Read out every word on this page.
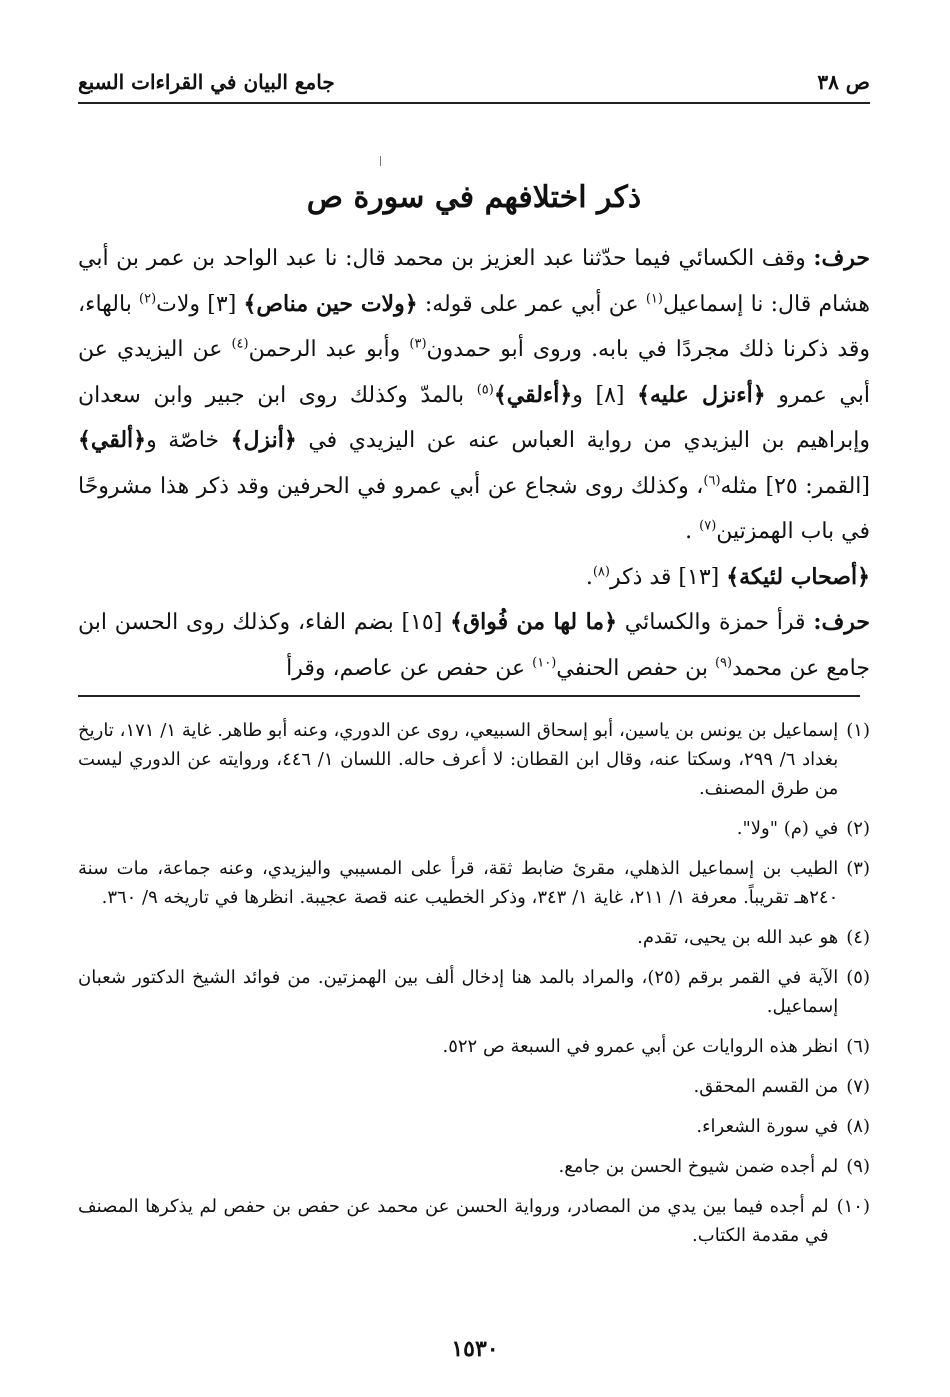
ص ٣٨
جامع البيان في القراءات السبع
ذكر اختلافهم في سورة ص

حرف: وقف الكسائي فيما حدّثنا عبد العزيز بن محمد قال: نا عبد الواحد بن عمر بن أبي هشام قال: نا إسماعيل$^{(١)}$ عن أبي عمر على قوله: ﴿ولات حين مناص﴾ [٣] ولات$^{(٢)}$ بالهاء، وقد ذكرنا ذلك مجردًا في بابه. وروى أبو حمدون$^{(٣)}$ وأبو عبد الرحمن$^{(٤)}$ عن اليزيدي عن أبي عمرو ﴿أءنزل عليه﴾ [٨] و﴿أءلقي﴾$^{(٥)}$ بالمدّ وكذلك روى ابن جبير وابن سعدان وإبراهيم بن اليزيدي من رواية العباس عنه عن اليزيدي في ﴿أنزل﴾ خاصّة و﴿ألقي﴾ [القمر: ٢٥] مثله$^{(٦)}$، وكذلك روى شجاع عن أبي عمرو في الحرفين وقد ذكر هذا مشروحًا في باب الهمزتين$^{(٧)}$ .

﴿أصحاب لئيكة﴾ [١٣] قد ذكر$^{(٨)}$.

حرف: قرأ حمزة والكسائي ﴿ما لها من فُواق﴾ [١٥] بضم الفاء، وكذلك روى الحسن ابن جامع عن محمد$^{(٩)}$ بن حفص الحنفي$^{(١٠)}$ عن حفص عن عاصم، وقرأ

(١)
إسماعيل بن يونس بن ياسين، أبو إسحاق السبيعي، روى عن الدوري، وعنه أبو طاهر. غاية ١/ ١٧١، تاريخ بغداد ٦/ ٢٩٩، وسكتا عنه، وقال ابن القطان: لا أعرف حاله. اللسان ١/ ٤٤٦، وروايته عن الدوري ليست من طرق المصنف.
(٢)
في (م) "ولا".
(٣)
الطيب بن إسماعيل الذهلي، مقرئ ضابط ثقة، قرأ على المسيبي واليزيدي، وعنه جماعة، مات سنة ٢٤٠هـ تقريباً. معرفة ١/ ٢١١، غاية ١/ ٣٤٣، وذكر الخطيب عنه قصة عجيبة. انظرها في تاريخه ٩/ ٣٦٠.
(٤)
هو عبد الله بن يحيى، تقدم.
(٥)
الآية في القمر برقم (٢٥)، والمراد بالمد هنا إدخال ألف بين الهمزتين. من فوائد الشيخ الدكتور شعبان إسماعيل.
(٦)
انظر هذه الروايات عن أبي عمرو في السبعة ص ٥٢٢.
(٧)
من القسم المحقق.
(٨)
في سورة الشعراء.
(٩)
لم أجده ضمن شيوخ الحسن بن جامع.
(١٠)
لم أجده فيما بين يدي من المصادر، ورواية الحسن عن محمد عن حفص بن حفص لم يذكرها المصنف في مقدمة الكتاب.
١٥٣٠
